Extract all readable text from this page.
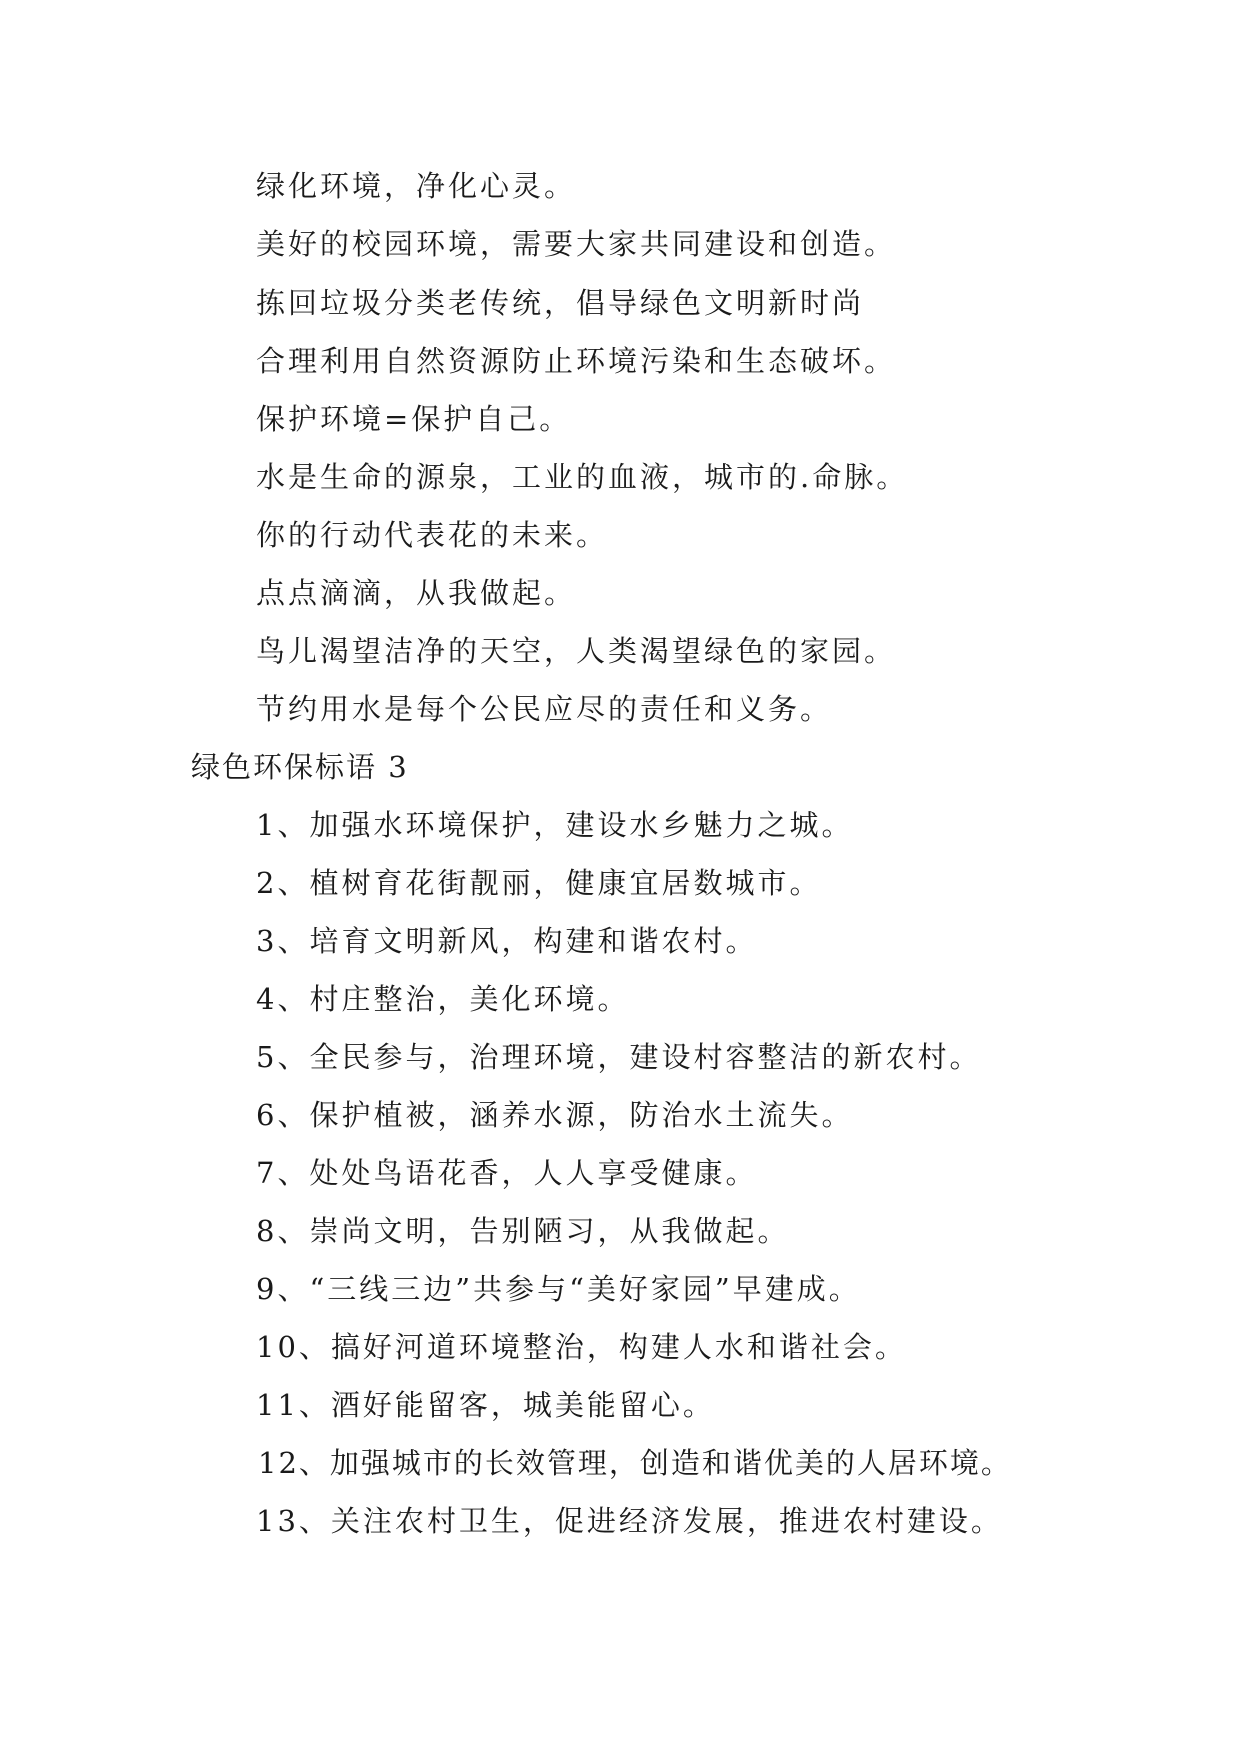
绿化环境，净化心灵。
美好的校园环境，需要大家共同建设和创造。
拣回垃圾分类老传统，倡导绿色文明新时尚
合理利用自然资源防止环境污染和生态破坏。
保护环境=保护自己。
水是生命的源泉，工业的血液，城市的.命脉。
你的行动代表花的未来。
点点滴滴，从我做起。
鸟儿渴望洁净的天空，人类渴望绿色的家园。
节约用水是每个公民应尽的责任和义务。
绿色环保标语 3
1、加强水环境保护，建设水乡魅力之城。
2、植树育花街靓丽，健康宜居数城市。
3、培育文明新风，构建和谐农村。
4、村庄整治，美化环境。
5、全民参与，治理环境，建设村容整洁的新农村。
6、保护植被，涵养水源，防治水土流失。
7、处处鸟语花香，人人享受健康。
8、崇尚文明，告别陋习，从我做起。
9、“三线三边”共参与“美好家园”早建成。
10、搞好河道环境整治，构建人水和谐社会。
11、酒好能留客，城美能留心。
12、加强城市的长效管理，创造和谐优美的人居环境。
13、关注农村卫生，促进经济发展，推进农村建设。
